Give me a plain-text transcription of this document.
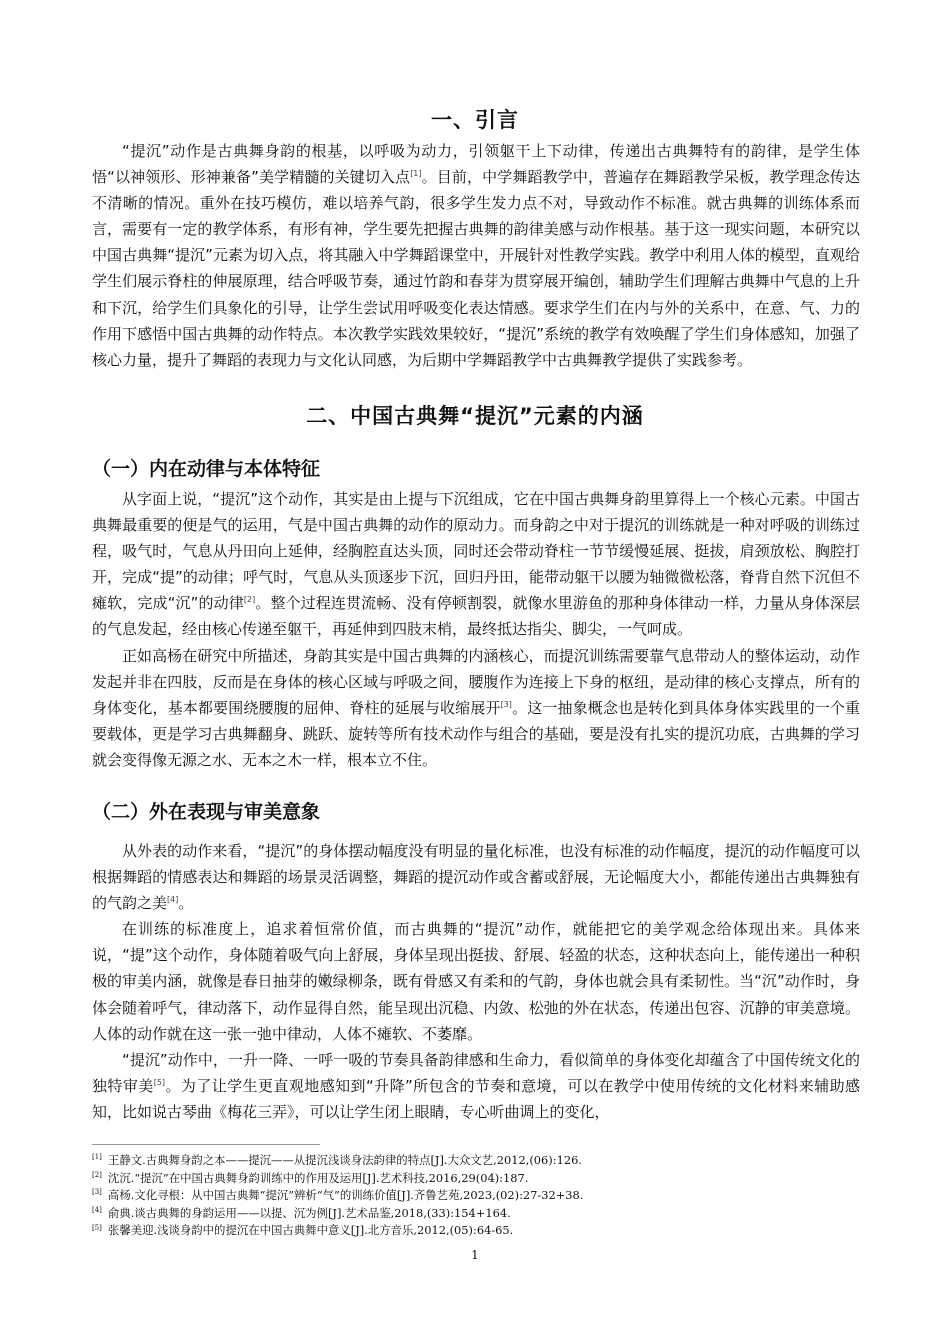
一、引言

“提沉”动作是古典舞身韵的根基，以呼吸为动力，引领躯干上下动律，传递出古典舞特有的韵律，是学生体悟“以神领形、形神兼备”美学精髓的关键切入点[1]。目前，中学舞蹈教学中，普遍存在舞蹈教学呆板，教学理念传达不清晰的情况。重外在技巧模仿，难以培养气韵，很多学生发力点不对，导致动作不标准。就古典舞的训练体系而言，需要有一定的教学体系，有形有神，学生要先把握古典舞的韵律美感与动作根基。基于这一现实问题，本研究以中国古典舞“提沉”元素为切入点，将其融入中学舞蹈课堂中，开展针对性教学实践。教学中利用人体的模型，直观给学生们展示脊柱的伸展原理，结合呼吸节奏，通过竹韵和春芽为贯穿展开编创，辅助学生们理解古典舞中气息的上升和下沉，给学生们具象化的引导，让学生尝试用呼吸变化表达情感。要求学生们在内与外的关系中，在意、气、力的作用下感悟中国古典舞的动作特点。本次教学实践效果较好，“提沉”系统的教学有效唤醒了学生们身体感知，加强了核心力量，提升了舞蹈的表现力与文化认同感，为后期中学舞蹈教学中古典舞教学提供了实践参考。

二、中国古典舞“提沉”元素的内涵
（一）内在动律与本体特征

从字面上说，“提沉”这个动作，其实是由上提与下沉组成，它在中国古典舞身韵里算得上一个核心元素。中国古典舞最重要的便是气的运用，气是中国古典舞的动作的原动力。而身韵之中对于提沉的训练就是一种对呼吸的训练过程，吸气时，气息从丹田向上延伸，经胸腔直达头顶，同时还会带动脊柱一节节缓慢延展、挺拔，肩颈放松、胸腔打开，完成“提”的动律；呼气时，气息从头顶逐步下沉，回归丹田，能带动躯干以腰为轴微微松落，脊背自然下沉但不瘫软，完成“沉”的动律[2]。整个过程连贯流畅、没有停顿割裂，就像水里游鱼的那种身体律动一样，力量从身体深层的气息发起，经由核心传递至躯干，再延伸到四肢末梢，最终抵达指尖、脚尖，一气呵成。

正如高杨在研究中所描述，身韵其实是中国古典舞的内涵核心，而提沉训练需要靠气息带动人的整体运动，动作发起并非在四肢，反而是在身体的核心区域与呼吸之间，腰腹作为连接上下身的枢纽，是动律的核心支撑点，所有的身体变化，基本都要围绕腰腹的屈伸、脊柱的延展与收缩展开[3]。这一抽象概念也是转化到具体身体实践里的一个重要载体，更是学习古典舞翻身、跳跃、旋转等所有技术动作与组合的基础，要是没有扎实的提沉功底，古典舞的学习就会变得像无源之水、无本之木一样，根本立不住。

（二）外在表现与审美意象

从外表的动作来看，“提沉”的身体摆动幅度没有明显的量化标准，也没有标准的动作幅度，提沉的动作幅度可以根据舞蹈的情感表达和舞蹈的场景灵活调整，舞蹈的提沉动作或含蓄或舒展，无论幅度大小，都能传递出古典舞独有的气韵之美[4]。

在训练的标准度上，追求着恒常价值，而古典舞的“提沉”动作，就能把它的美学观念给体现出来。具体来说，“提”这个动作，身体随着吸气向上舒展，身体呈现出挺拔、舒展、轻盈的状态，这种状态向上，能传递出一种积极的审美内涵，就像是春日抽芽的嫩绿柳条，既有骨感又有柔和的气韵，身体也就会具有柔韧性。当“沉”动作时，身体会随着呼气，律动落下，动作显得自然，能呈现出沉稳、内敛、松弛的外在状态，传递出包容、沉静的审美意境。人体的动作就在这一张一弛中律动，人体不瘫软、不萎靡。

“提沉”动作中，一升一降、一呼一吸的节奏具备韵律感和生命力，看似简单的身体变化却蕴含了中国传统文化的独特审美[5]。为了让学生更直观地感知到“升降”所包含的节奏和意境，可以在教学中使用传统的文化材料来辅助感知，比如说古琴曲《梅花三弄》，可以让学生闭上眼睛，专心听曲调上的变化，

[1] 王静文.古典舞身韵之本——提沉——从提沉浅谈身法韵律的特点[J].大众文艺,2012,(06):126.
[2] 沈沉.“提沉”在中国古典舞身韵训练中的作用及运用[J].艺术科技,2016,29(04):187.
[3] 高杨.文化寻根：从中国古典舞“提沉”辨析“气”的训练价值[J].齐鲁艺苑,2023,(02):27-32+38.
[4] 俞典.谈古典舞的身韵运用——以提、沉为例[J].艺术品鉴,2018,(33):154+164.
[5] 张馨美迎.浅谈身韵中的提沉在中国古典舞中意义[J].北方音乐,2012,(05):64-65.
1
